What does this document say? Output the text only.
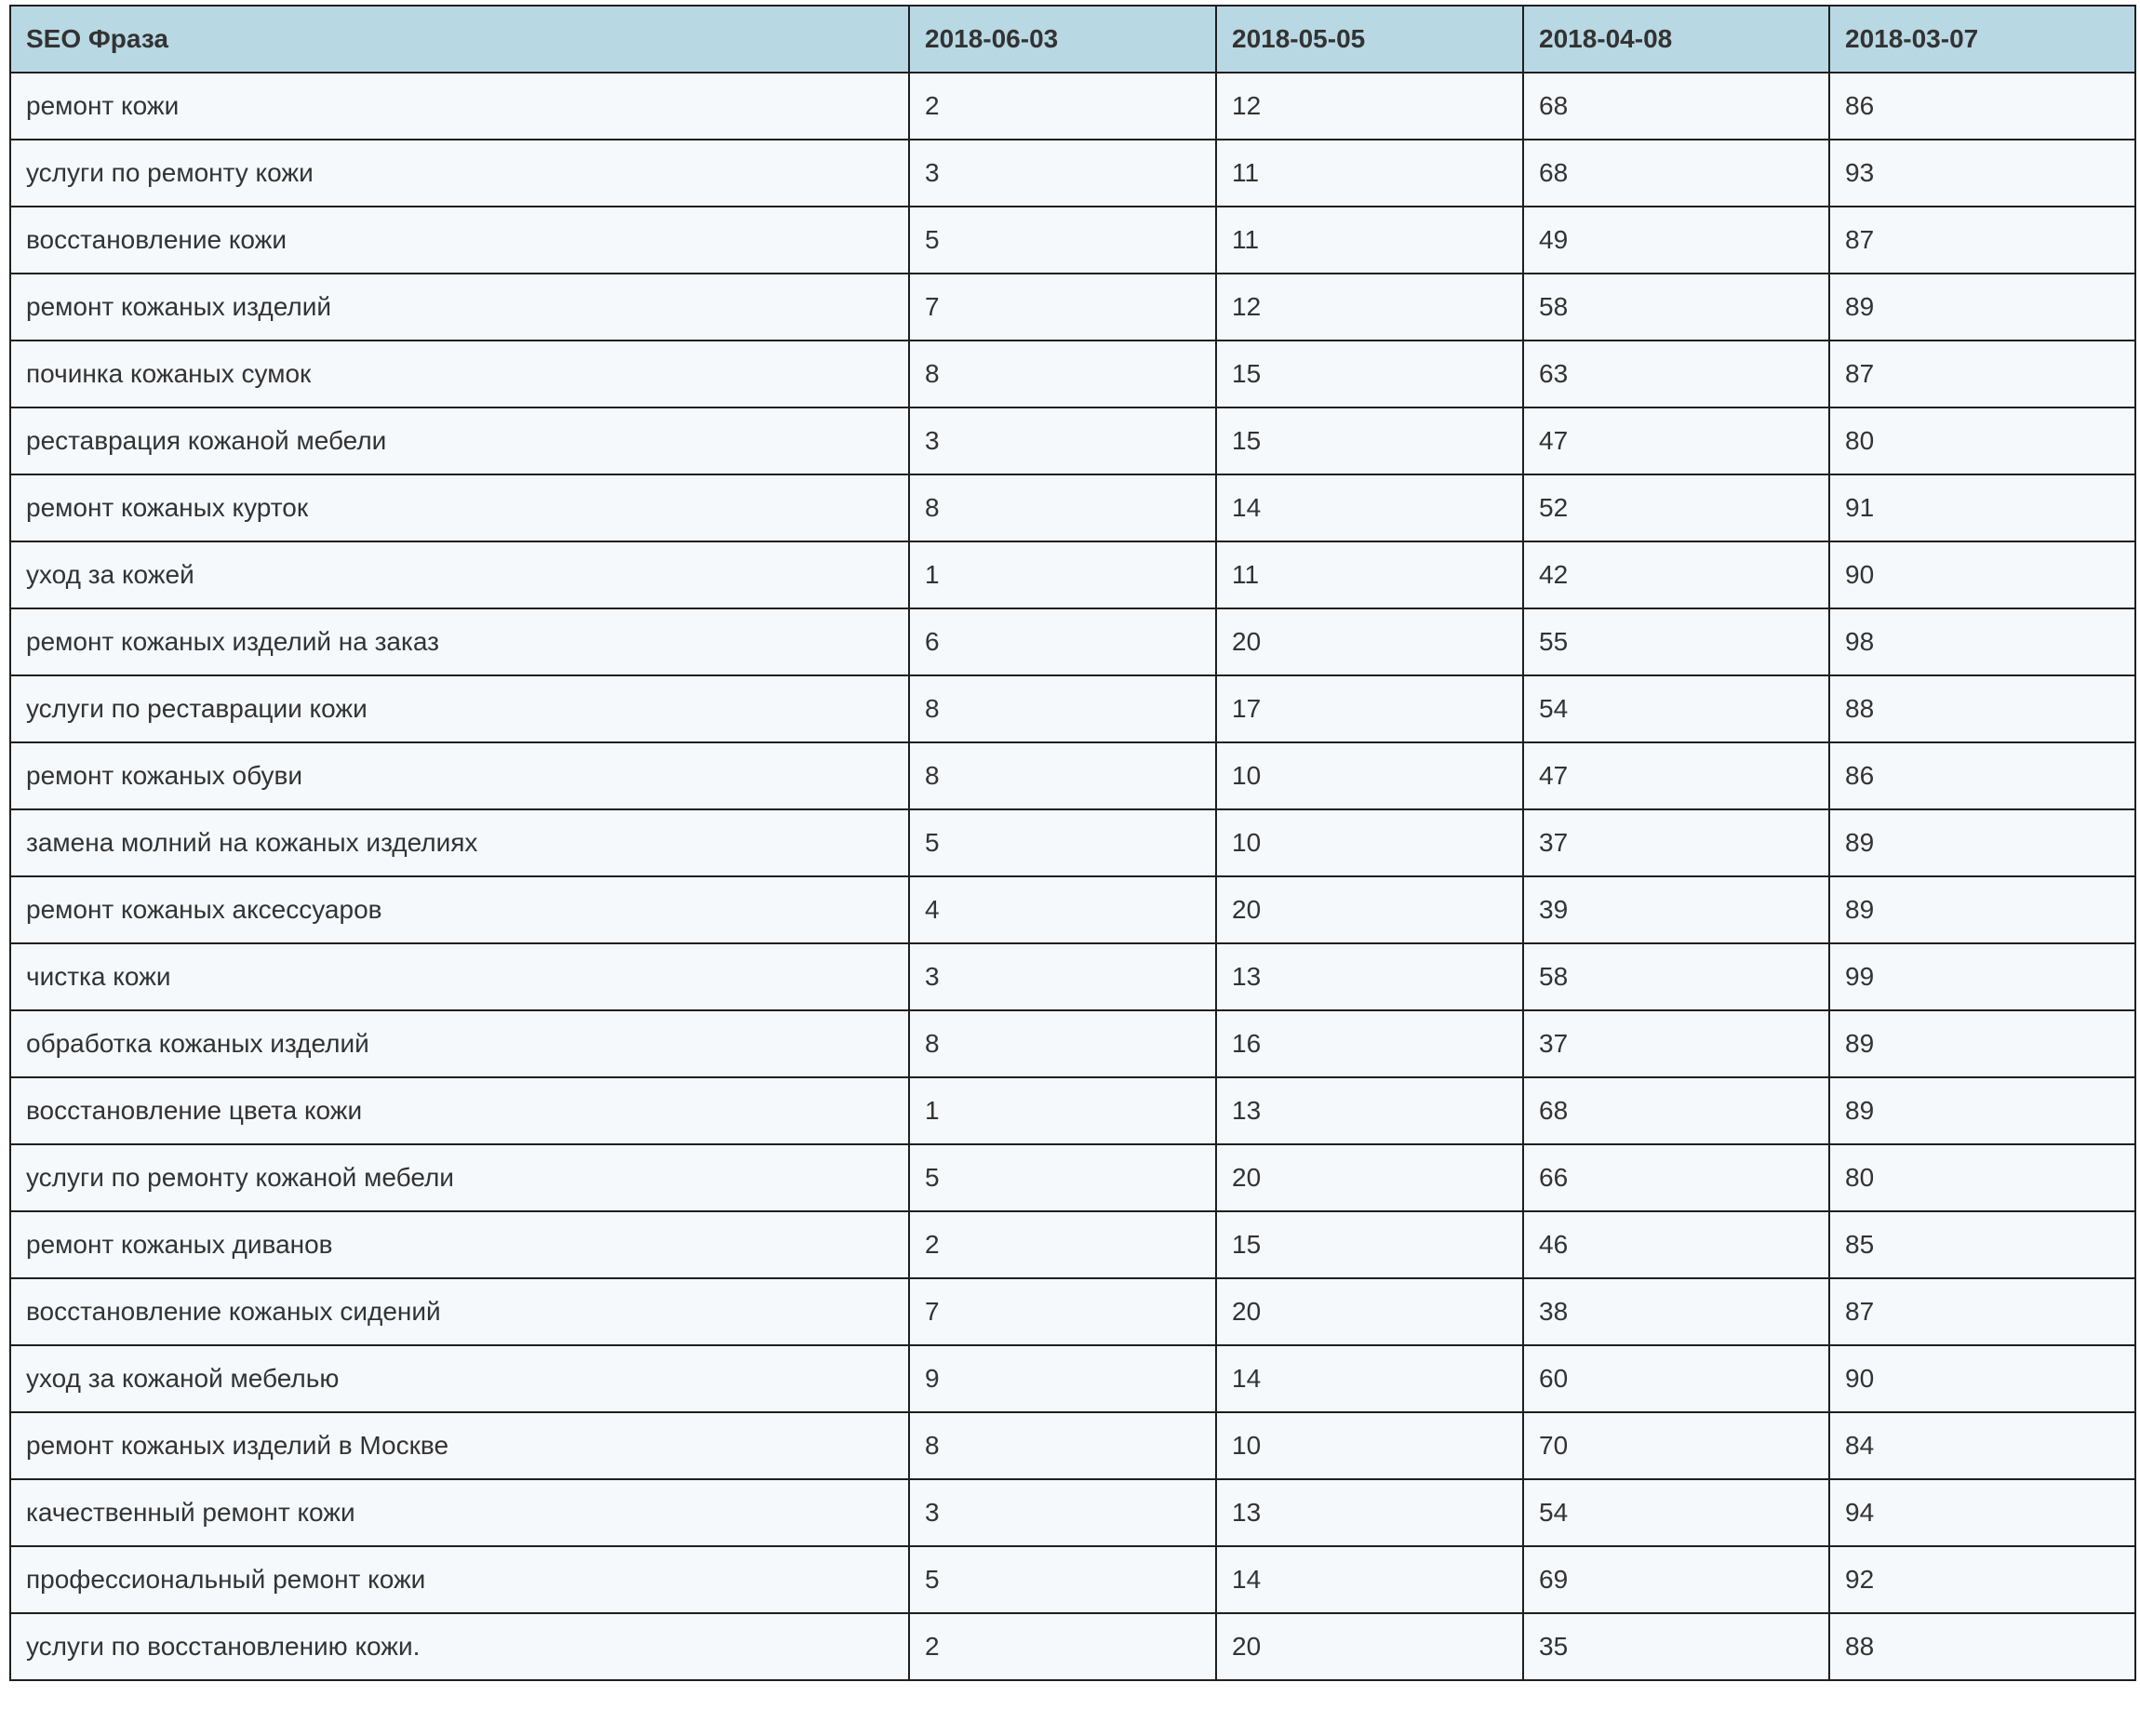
SEO Фраза	2018-06-03	2018-05-05	2018-04-08	2018-03-07
ремонт кожи	2	12	68	86
услуги по ремонту кожи	3	11	68	93
восстановление кожи	5	11	49	87
ремонт кожаных изделий	7	12	58	89
починка кожаных сумок	8	15	63	87
реставрация кожаной мебели	3	15	47	80
ремонт кожаных курток	8	14	52	91
уход за кожей	1	11	42	90
ремонт кожаных изделий на заказ	6	20	55	98
услуги по реставрации кожи	8	17	54	88
ремонт кожаных обуви	8	10	47	86
замена молний на кожаных изделиях	5	10	37	89
ремонт кожаных аксессуаров	4	20	39	89
чистка кожи	3	13	58	99
обработка кожаных изделий	8	16	37	89
восстановление цвета кожи	1	13	68	89
услуги по ремонту кожаной мебели	5	20	66	80
ремонт кожаных диванов	2	15	46	85
восстановление кожаных сидений	7	20	38	87
уход за кожаной мебелью	9	14	60	90
ремонт кожаных изделий в Москве	8	10	70	84
качественный ремонт кожи	3	13	54	94
профессиональный ремонт кожи	5	14	69	92
услуги по восстановлению кожи.	2	20	35	88
